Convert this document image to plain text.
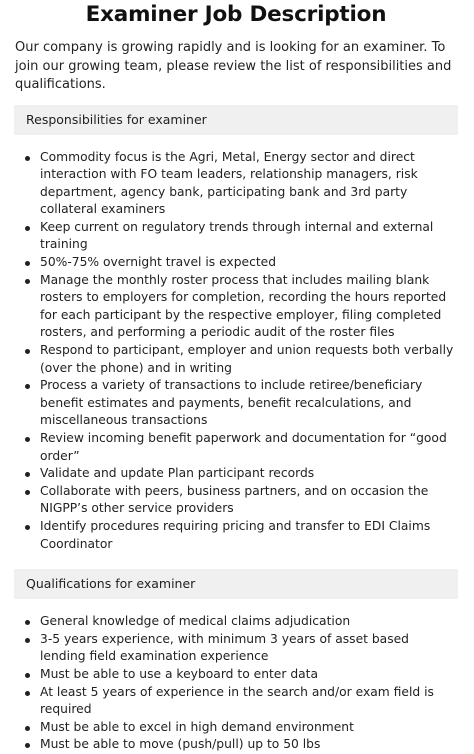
Examiner Job Description

Our company is growing rapidly and is looking for an examiner. To join our growing team, please review the list of responsibilities and qualifications.

Responsibilities for examiner
Commodity focus is the Agri, Metal, Energy sector and direct interaction with FO team leaders, relationship managers, risk department, agency bank, participating bank and 3rd party collateral examiners
Keep current on regulatory trends through internal and external training
50%-75% overnight travel is expected
Manage the monthly roster process that includes mailing blank rosters to employers for completion, recording the hours reported for each participant by the respective employer, filing completed rosters, and performing a periodic audit of the roster files
Respond to participant, employer and union requests both verbally (over the phone) and in writing
Process a variety of transactions to include retiree/beneficiary benefit estimates and payments, benefit recalculations, and miscellaneous transactions
Review incoming benefit paperwork and documentation for “good order”
Validate and update Plan participant records
Collaborate with peers, business partners, and on occasion the NIGPP’s other service providers
Identify procedures requiring pricing and transfer to EDI Claims Coordinator
Qualifications for examiner
General knowledge of medical claims adjudication
3-5 years experience, with minimum 3 years of asset based lending field examination experience
Must be able to use a keyboard to enter data
At least 5 years of experience in the search and/or exam field is required
Must be able to excel in high demand environment
Must be able to move (push/pull) up to 50 lbs
